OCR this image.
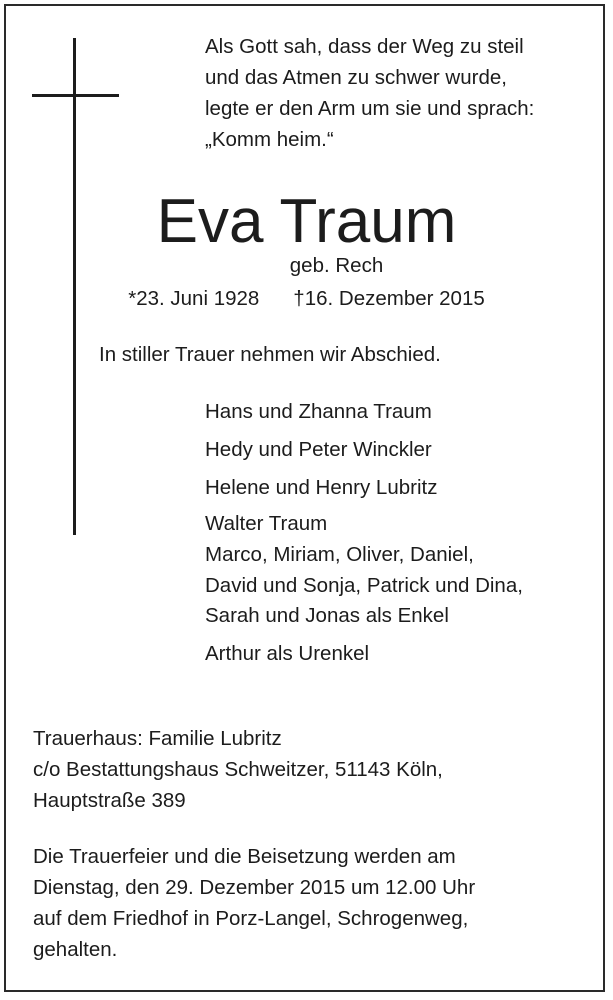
Als Gott sah, dass der Weg zu steil
und das Atmen zu schwer wurde,
legte er den Arm um sie und sprach:
„Komm heim.“
Eva Traum
geb. Rech
*23. Juni 1928 †16. Dezember 2015
In stiller Trauer nehmen wir Abschied.
Hans und Zhanna Traum
Hedy und Peter Winckler
Helene und Henry Lubritz
Walter Traum
Marco, Miriam, Oliver, Daniel,
David und Sonja, Patrick und Dina,
Sarah und Jonas als Enkel
Arthur als Urenkel
Trauerhaus: Familie Lubritz
c/o Bestattungshaus Schweitzer, 51143 Köln,
Hauptstraße 389
Die Trauerfeier und die Beisetzung werden am
Dienstag, den 29. Dezember 2015 um 12.00 Uhr
auf dem Friedhof in Porz-Langel, Schrogenweg,
gehalten.
